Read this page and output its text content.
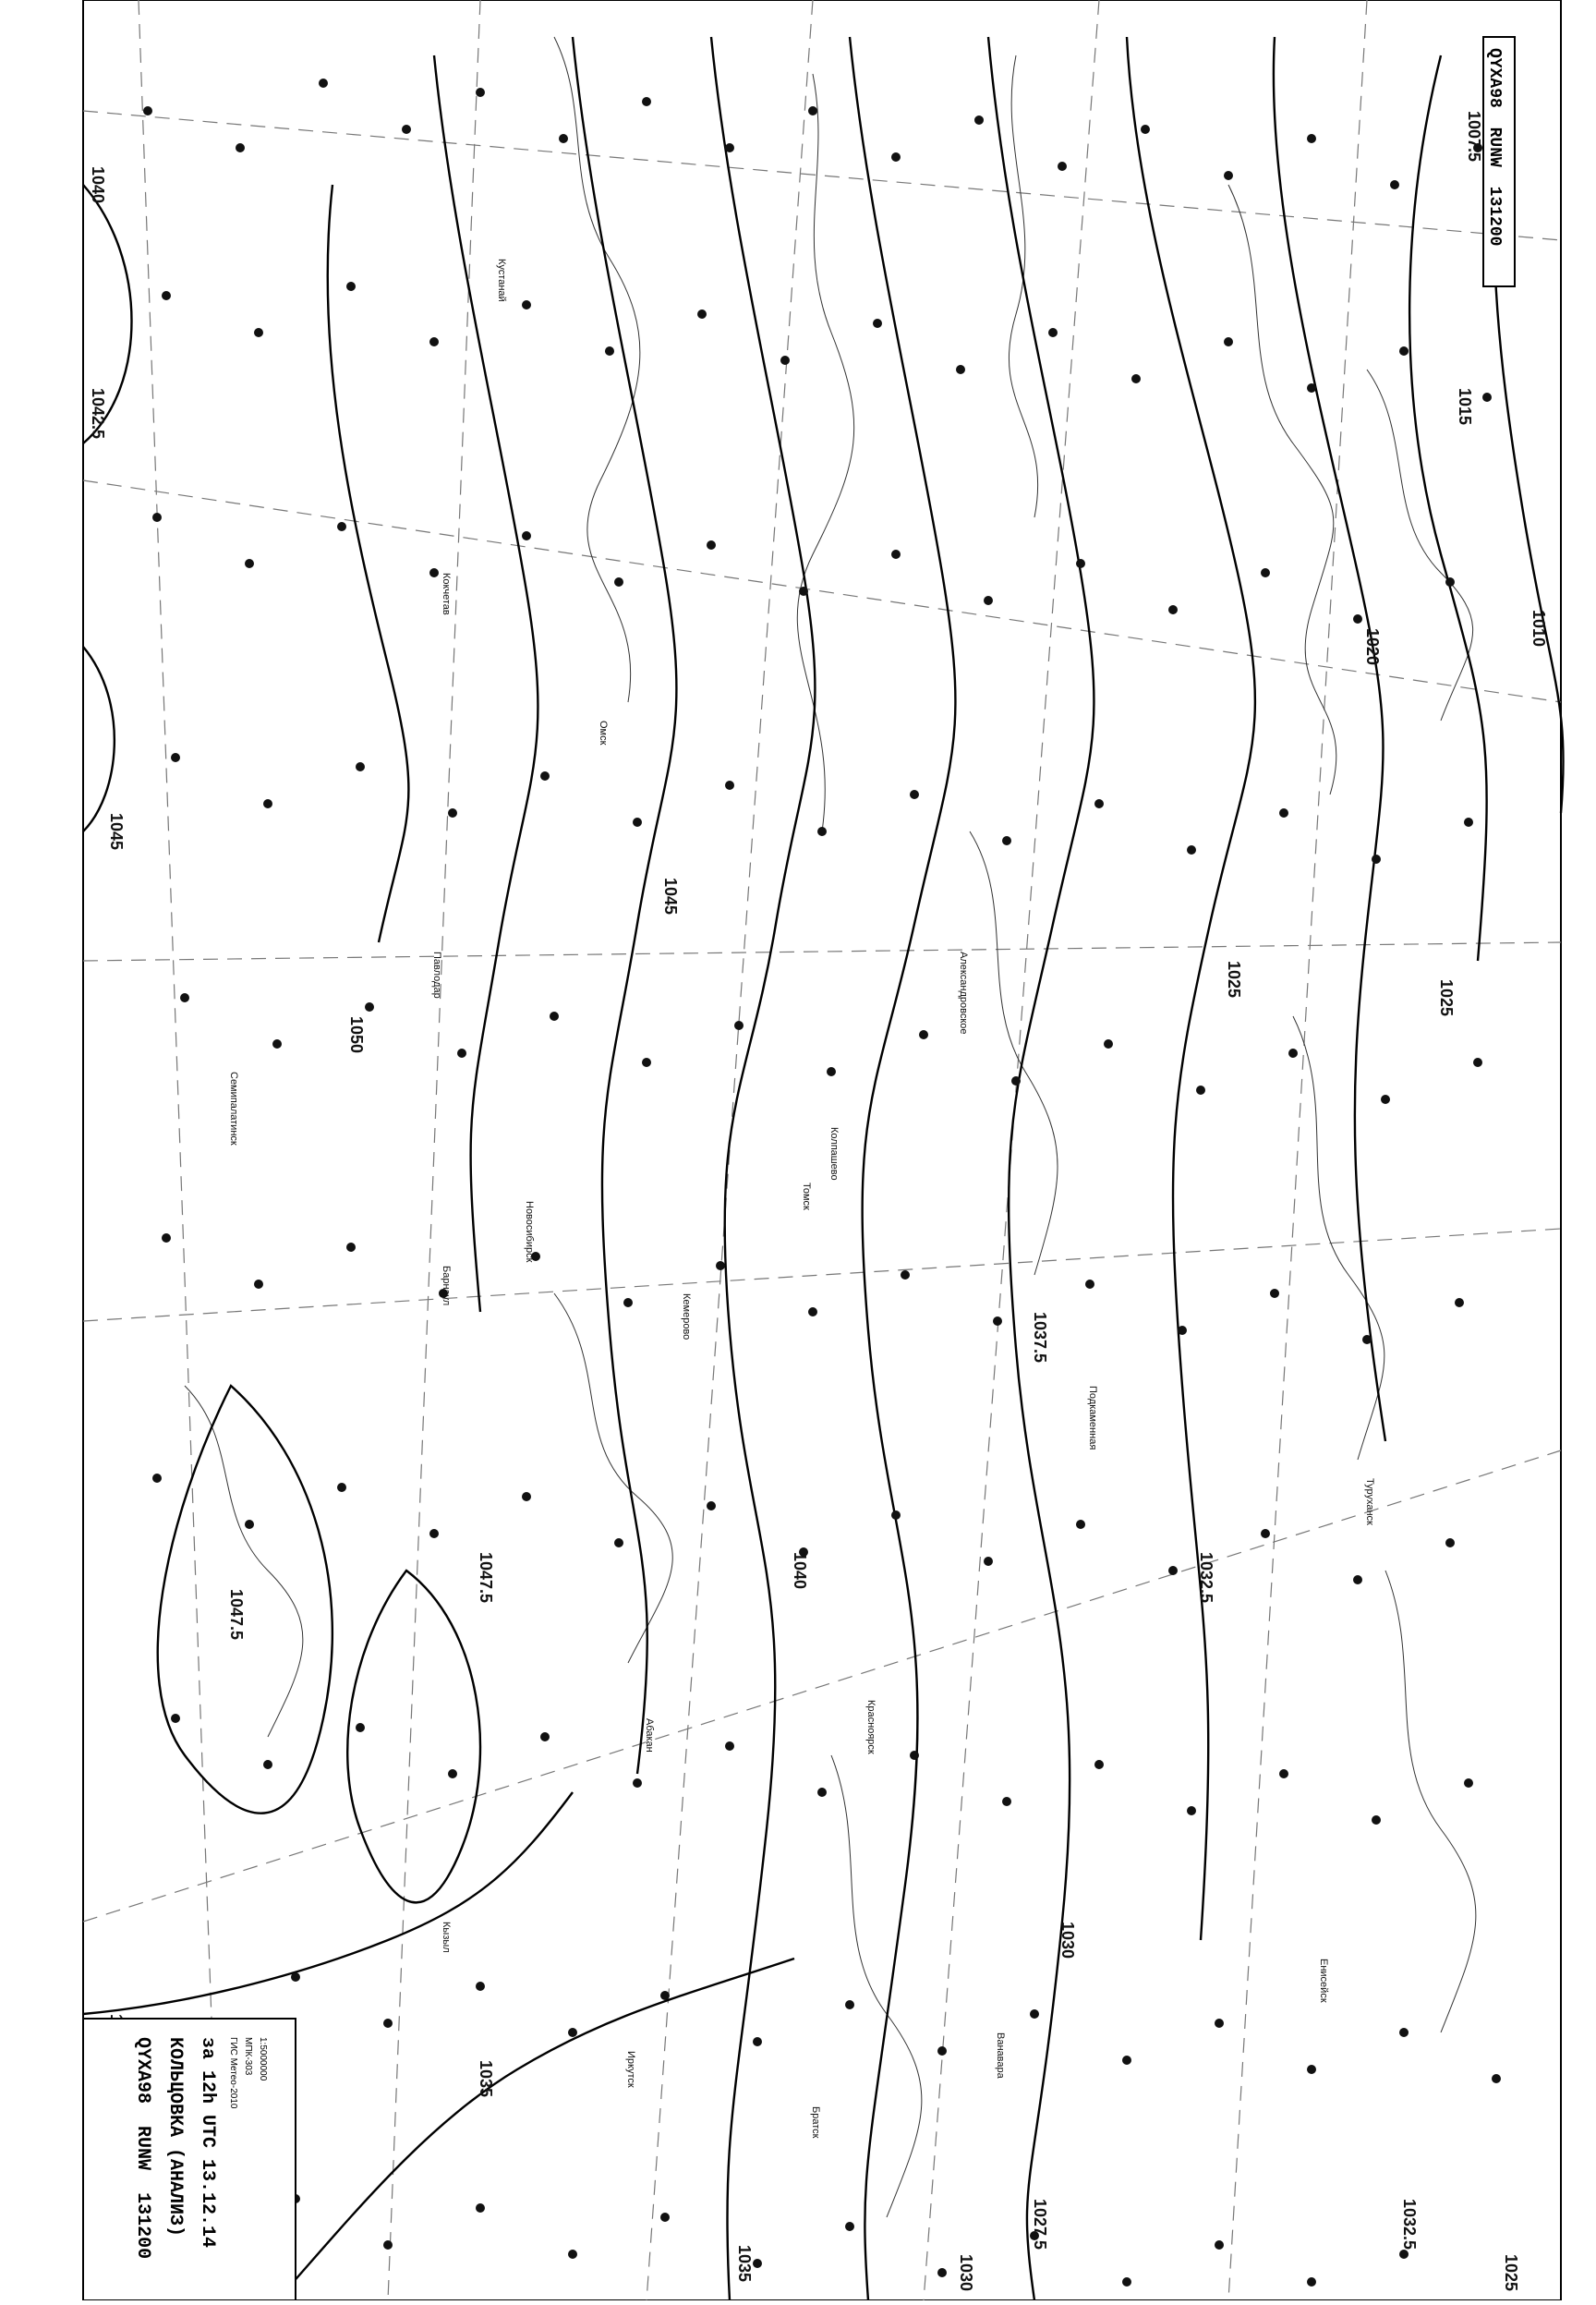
1007.5
1010
1015
1020
1025	1025
1030
1032.5
1035
1037.5
1040
1045
1047.5
1050
1047.5
1027.5
1030
1035
1040
1042.5
1045
1032.5
1025
Кустанай
Кокчетав
Павлодар
Омск
Семипалатинск
Новосибирск
Барнаул
Кемерово
Томск
Колпашево
Александровское
Подкаменная
Енисейск
Красноярск
Абакан
Кызыл
Иркутск
Братск
Ванавара
Туруханск
QYXA98 RUNW 131200
QYXA98 RUNW 131200 КОЛЬЦОВКА (АНАЛИЗ) за 12h UTC 13.12.14 ГИС Метео-2010 МПК-303 1:5000000
